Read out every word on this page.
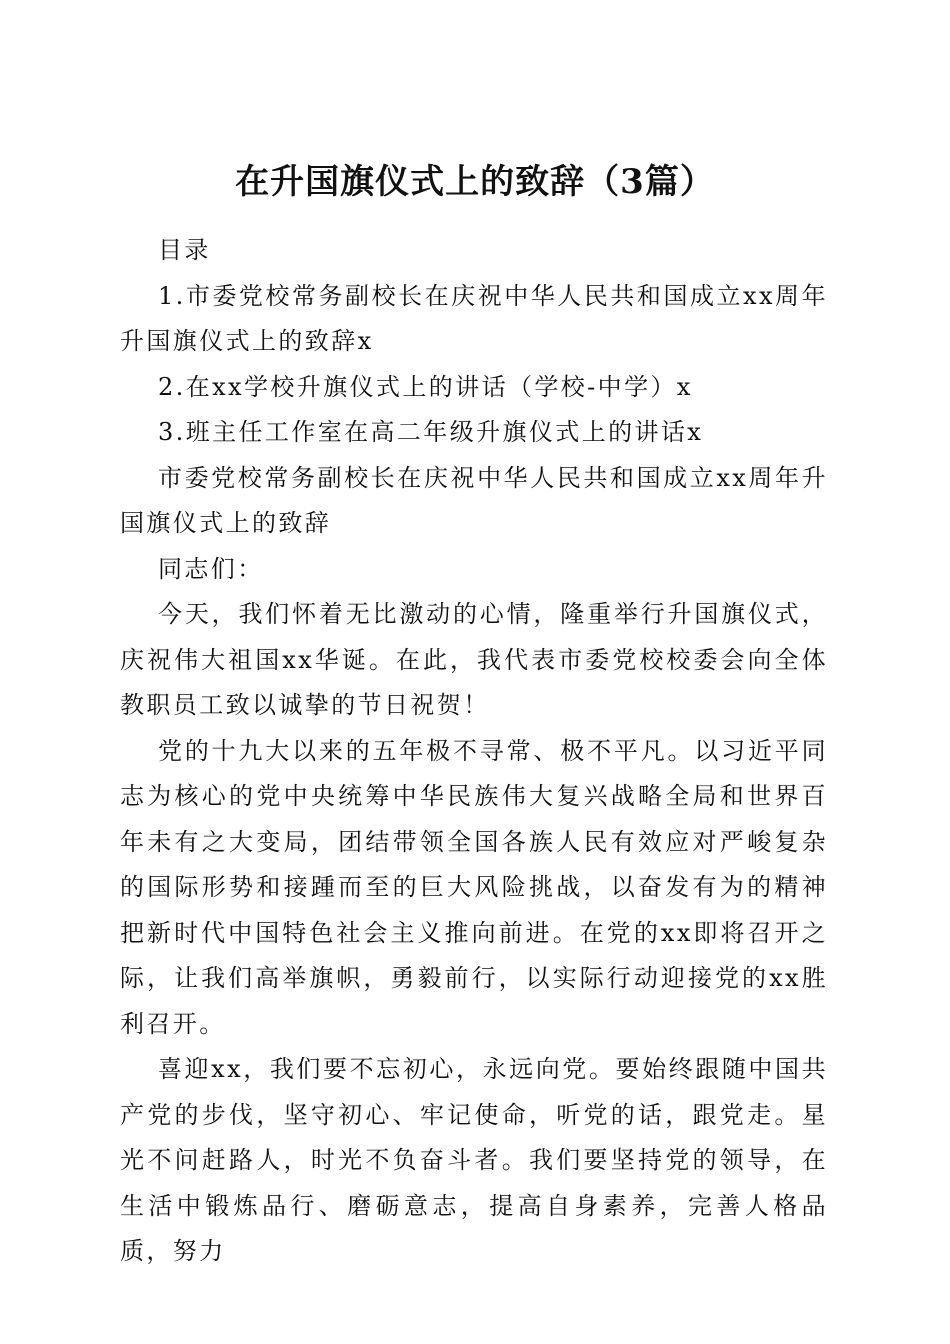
在升国旗仪式上的致辞（3篇）

目录

1.市委党校常务副校长在庆祝中华人民共和国成立xx周年升国旗仪式上的致辞x

2.在xx学校升旗仪式上的讲话（学校-中学）x

3.班主任工作室在高二年级升旗仪式上的讲话x

市委党校常务副校长在庆祝中华人民共和国成立xx周年升国旗仪式上的致辞

同志们：

今天，我们怀着无比激动的心情，隆重举行升国旗仪式，庆祝伟大祖国xx华诞。在此，我代表市委党校校委会向全体教职员工致以诚挚的节日祝贺！

党的十九大以来的五年极不寻常、极不平凡。以习近平同志为核心的党中央统筹中华民族伟大复兴战略全局和世界百年未有之大变局，团结带领全国各族人民有效应对严峻复杂的国际形势和接踵而至的巨大风险挑战，以奋发有为的精神把新时代中国特色社会主义推向前进。在党的xx即将召开之际，让我们高举旗帜，勇毅前行，以实际行动迎接党的xx胜利召开。

喜迎xx，我们要不忘初心，永远向党。要始终跟随中国共产党的步伐，坚守初心、牢记使命，听党的话，跟党走。星光不问赶路人，时光不负奋斗者。我们要坚持党的领导，在生活中锻炼品行、磨砺意志，提高自身素养，完善人格品质，努力
